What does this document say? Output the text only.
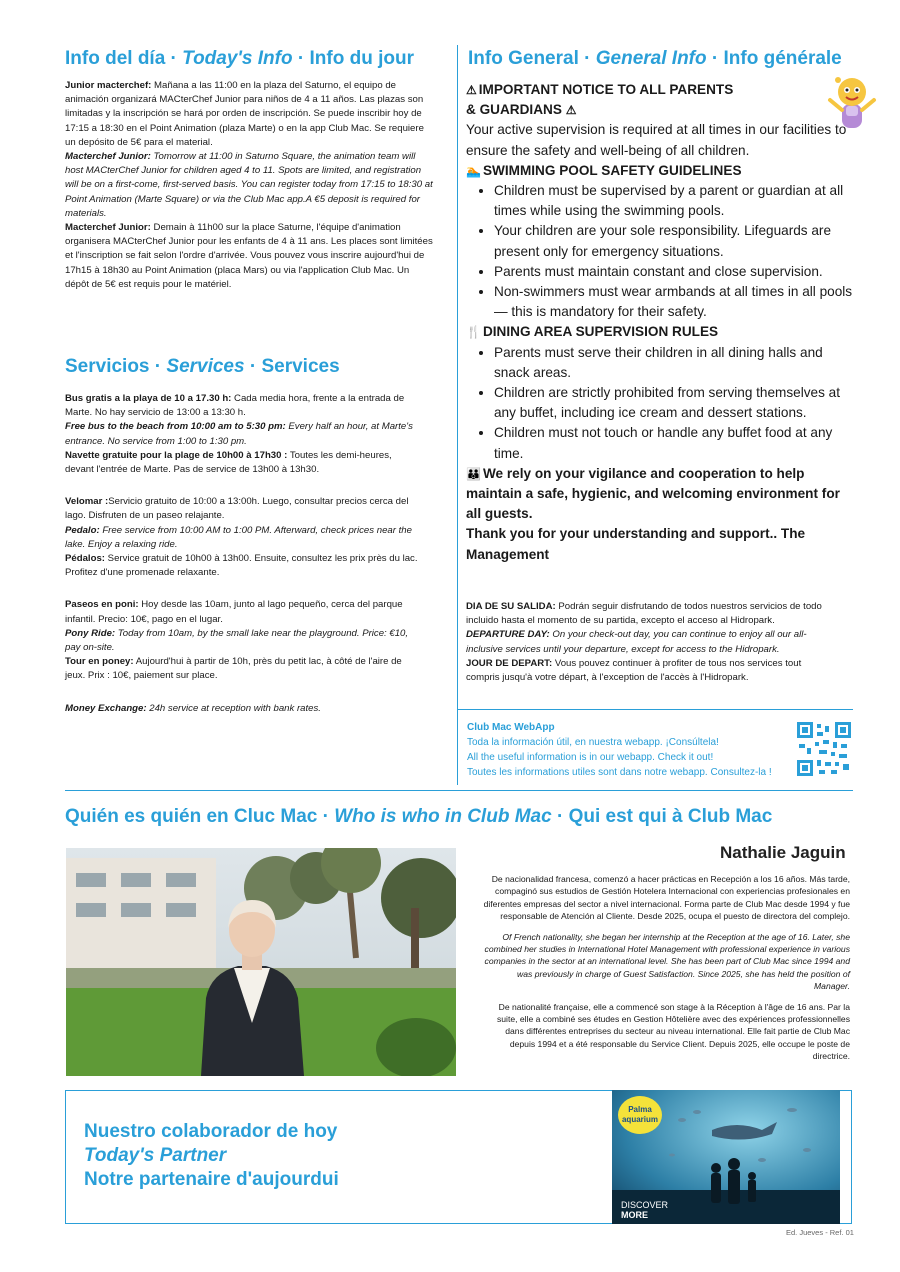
Info del día · Today's Info · Info du jour

Junior macterchef: Mañana a las 11:00 en la plaza del Saturno, el equipo de animación organizará MACterChef Junior para niños de 4 a 11 años. Las plazas son limitadas y la inscripción se hará por orden de inscripción. Se puede inscribir hoy de 17:15 a 18:30 en el Point Animation (plaza Marte) o en la app Club Mac. Se requiere un depósito de 5€ para el material.

Macterchef Junior: Tomorrow at 11:00 in Saturno Square, the animation team will host MACterChef Junior for children aged 4 to 11. Spots are limited, and registration will be on a first-come, first-served basis. You can register today from 17:15 to 18:30 at Point Animation (Marte Square) or via the Club Mac app.A €5 deposit is required for materials.

Macterchef Junior: Demain à 11h00 sur la place Saturne, l'équipe d'animation organisera MACterChef Junior pour les enfants de 4 à 11 ans. Les places sont limitées et l'inscription se fait selon l'ordre d'arrivée. Vous pouvez vous inscrire aujourd'hui de 17h15 à 18h30 au Point Animation (placa Mars) ou via l'application Club Mac. Un dépôt de 5€ est requis pour le matériel.

Servicios · Services · Services

Bus gratis a la playa de 10 a 17.30 h: Cada media hora, frente a la entrada de Marte. No hay servicio de 13:00 a 13:30 h.

Free bus to the beach from 10:00 am to 5:30 pm: Every half an hour, at Marte's entrance. No service from 1:00 to 1:30 pm.

Navette gratuite pour la plage de 10h00 à 17h30 : Toutes les demi-heures, devant l'entrée de Marte. Pas de service de 13h00 à 13h30.

Velomar :Servicio gratuito de 10:00 a 13:00h. Luego, consultar precios cerca del lago. Disfruten de un paseo relajante.

Pedalo: Free service from 10:00 AM to 1:00 PM. Afterward, check prices near the lake. Enjoy a relaxing ride.

Pédalos: Service gratuit de 10h00 à 13h00. Ensuite, consultez les prix près du lac. Profitez d'une promenade relaxante.

Paseos en poni: Hoy desde las 10am, junto al lago pequeño, cerca del parque infantil. Precio: 10€, pago en el lugar.

Pony Ride: Today from 10am, by the small lake near the playground. Price: €10, pay on-site.

Tour en poney: Aujourd'hui à partir de 10h, près du petit lac, à côté de l'aire de jeux. Prix : 10€, paiement sur place.

Money Exchange: 24h service at reception with bank rates.

Info General · General Info · Info générale

⚠ IMPORTANT NOTICE TO ALL PARENTS

& GUARDIANS ⚠

Your active supervision is required at all times in our facilities to ensure the safety and well-being of all children.

🏊 SWIMMING POOL SAFETY GUIDELINES

• Children must be supervised by a parent or guardian at all times while using the swimming pools.
• Your children are your sole responsibility. Lifeguards are present only for emergency situations.
• Parents must maintain constant and close supervision.
• Non-swimmers must wear armbands at all times in all pools — this is mandatory for their safety.

🍴 DINING AREA SUPERVISION RULES

• Parents must serve their children in all dining halls and snack areas.
• Children are strictly prohibited from serving themselves at any buffet, including ice cream and dessert stations.
• Children must not touch or handle any buffet food at any time.

👪 We rely on your vigilance and cooperation to help maintain a safe, hygienic, and welcoming environment for all guests.

Thank you for your understanding and support.. The Management

DIA DE SU SALIDA: Podrán seguir disfrutando de todos nuestros servicios de todo incluido hasta el momento de su partida, excepto el acceso al Hidropark.

DEPARTURE DAY: On your check-out day, you can continue to enjoy all our all-inclusive services until your departure, except for access to the Hidropark.

JOUR DE DEPART: Vous pouvez continuer à profiter de tous nos services tout compris jusqu'à votre départ, à l'exception de l'accès à l'Hidropark.

Club Mac WebApp
Toda la información útil, en nuestra webapp. ¡Consúltela!
All the useful information is in our webapp. Check it out!
Toutes les informations utiles sont dans notre webapp. Consultez-la !
Quién es quién en Cluc Mac · Who is who in Club Mac · Qui est qui à Club Mac
Nathalie Jaguin

De nacionalidad francesa, comenzó a hacer prácticas en Recepción a los 16 años. Más tarde, compaginó sus estudios de Gestión Hotelera Internacional con experiencias profesionales en diferentes empresas del sector a nivel internacional. Forma parte de Club Mac desde 1994 y fue responsable de Atención al Cliente. Desde 2025, ocupa el puesto de directora del complejo.

Of French nationality, she began her internship at the Reception at the age of 16. Later, she combined her studies in International Hotel Management with professional experience in various companies in the sector at an international level. She has been part of Club Mac since 1994 and was previously in charge of Guest Satisfaction. Since 2025, she has held the position of Manager.

De nationalité française, elle a commencé son stage à la Réception à l'âge de 16 ans. Par la suite, elle a combiné ses études en Gestion Hôtelière avec des expériences professionnelles dans différentes entreprises du secteur au niveau international. Elle fait partie de Club Mac depuis 1994 et a été responsable du Service Client. Depuis 2025, elle occupe le poste de directrice.

Nuestro colaborador de hoy
Today's Partner
Notre partenaire d'aujourdui
Palma
aquarium
DISCOVER
MORE
Ed. Jueves - Ref. 01
